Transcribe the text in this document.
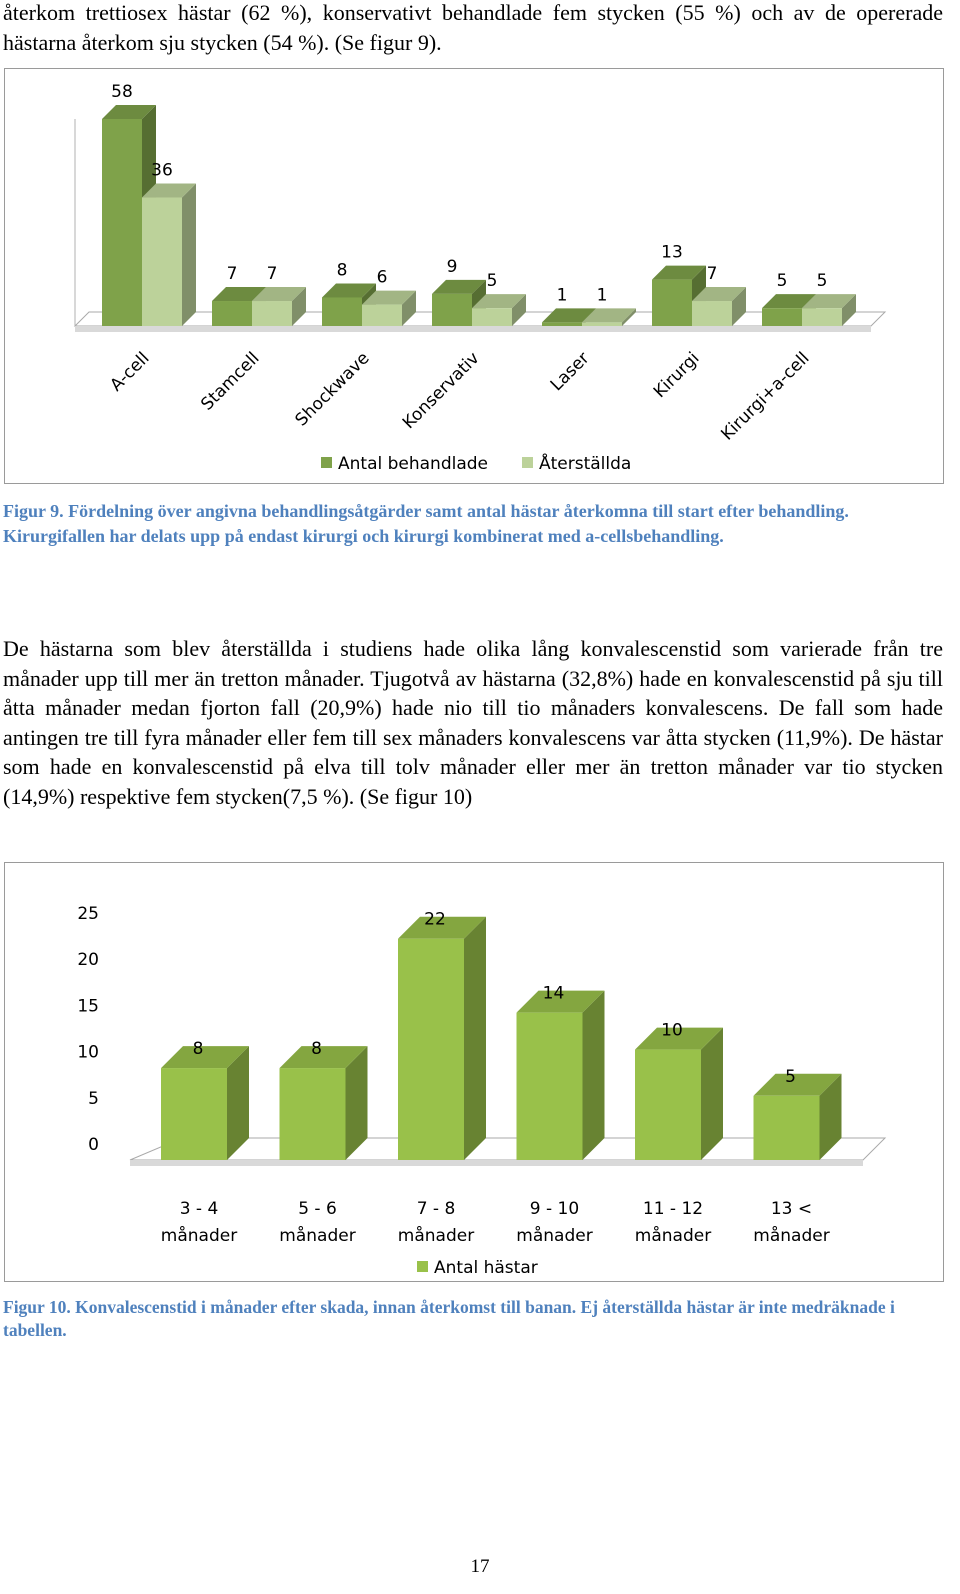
återkom trettiosex hästar (62 %), konservativt behandlade fem stycken (55 %) och av de opererade hästarna återkom sju stycken (54 %). (Se figur 9).
58
36
A-cell
7 7
Stamcell
8 6
Shockwave
9
5
Konservativ
1 1
Laser
13
7
Kirurgi
5 5
Kirurgi+a-cell
Antal behandlade	Återställda
Figur 9. Fördelning över angivna behandlingsåtgärder samt antal hästar återkomna till start efter behandling. Kirurgifallen har delats upp på endast kirurgi och kirurgi kombinerat med a-cellsbehandling.
De hästarna som blev återställda i studiens hade olika lång konvalescenstid som varierade från tre månader upp till mer än tretton månader. Tjugotvå av hästarna (32,8%) hade en konvalescenstid på sju till åtta månader medan fjorton fall (20,9%) hade nio till tio månaders konvalescens. De fall som hade antingen tre till fyra månader eller fem till sex månaders konvalescens var åtta stycken (11,9%). De hästar som hade en konvalescenstid på elva till tolv månader eller mer än tretton månader var tio stycken (14,9%) respektive fem stycken(7,5 %). (Se figur 10)
0
5
10
15
20
25
8
3 - 4
månader
8
5 - 6
månader
22
7 - 8
månader
14
9 - 10
månader
10
11 - 12
månader
5
13 <
månader
Antal hästar
Figur 10. Konvalescenstid i månader efter skada, innan återkomst till banan. Ej återställda hästar är inte medräknade i tabellen.
17
